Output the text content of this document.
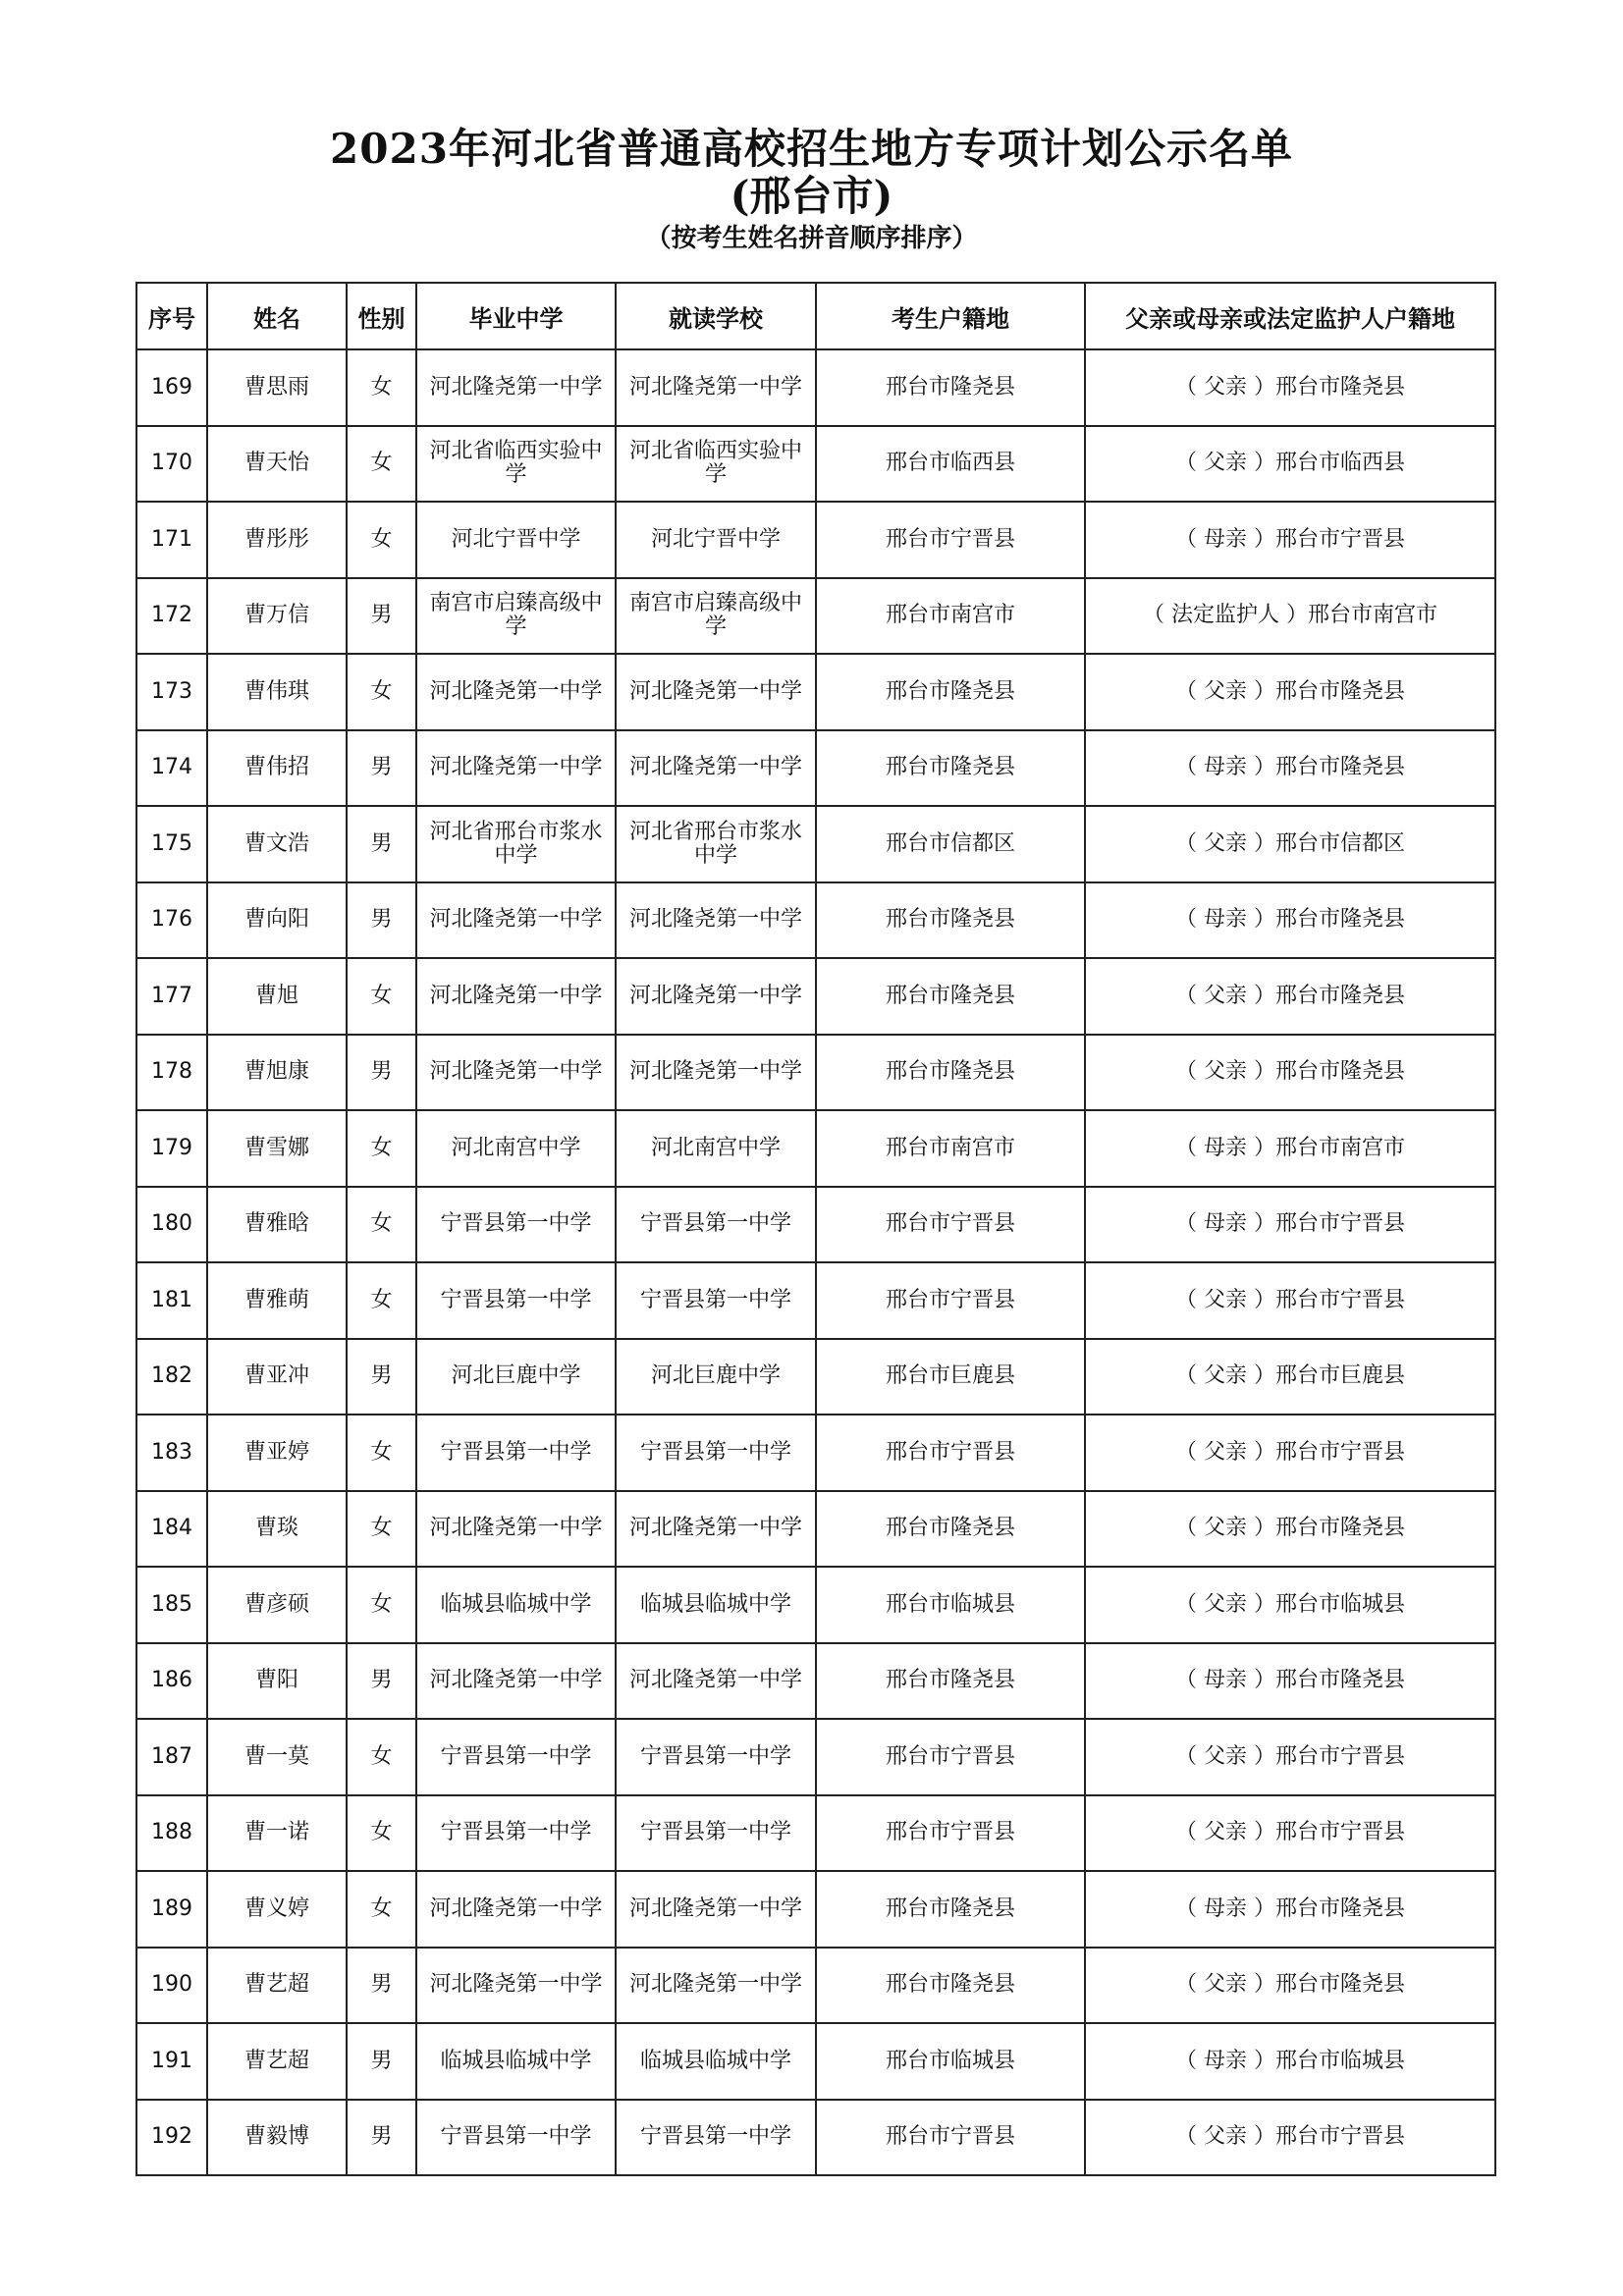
2023年河北省普通高校招生地方专项计划公示名单
(邢台市)
（按考生姓名拼音顺序排序）
序号	姓名	性别	毕业中学	就读学校	考生户籍地	父亲或母亲或法定监护人户籍地
169	曹思雨	女	河北隆尧第一中学	河北隆尧第一中学	邢台市隆尧县	（ 父亲 ）邢台市隆尧县
170	曹天怡	女	河北省临西实验中学	河北省临西实验中学	邢台市临西县	（ 父亲 ）邢台市临西县
171	曹彤彤	女	河北宁晋中学	河北宁晋中学	邢台市宁晋县	（ 母亲 ）邢台市宁晋县
172	曹万信	男	南宫市启臻高级中学	南宫市启臻高级中学	邢台市南宫市	（ 法定监护人 ）邢台市南宫市
173	曹伟琪	女	河北隆尧第一中学	河北隆尧第一中学	邢台市隆尧县	（ 父亲 ）邢台市隆尧县
174	曹伟招	男	河北隆尧第一中学	河北隆尧第一中学	邢台市隆尧县	（ 母亲 ）邢台市隆尧县
175	曹文浩	男	河北省邢台市浆水中学	河北省邢台市浆水中学	邢台市信都区	（ 父亲 ）邢台市信都区
176	曹向阳	男	河北隆尧第一中学	河北隆尧第一中学	邢台市隆尧县	（ 母亲 ）邢台市隆尧县
177	曹旭	女	河北隆尧第一中学	河北隆尧第一中学	邢台市隆尧县	（ 父亲 ）邢台市隆尧县
178	曹旭康	男	河北隆尧第一中学	河北隆尧第一中学	邢台市隆尧县	（ 父亲 ）邢台市隆尧县
179	曹雪娜	女	河北南宫中学	河北南宫中学	邢台市南宫市	（ 母亲 ）邢台市南宫市
180	曹雅晗	女	宁晋县第一中学	宁晋县第一中学	邢台市宁晋县	（ 母亲 ）邢台市宁晋县
181	曹雅萌	女	宁晋县第一中学	宁晋县第一中学	邢台市宁晋县	（ 父亲 ）邢台市宁晋县
182	曹亚冲	男	河北巨鹿中学	河北巨鹿中学	邢台市巨鹿县	（ 父亲 ）邢台市巨鹿县
183	曹亚婷	女	宁晋县第一中学	宁晋县第一中学	邢台市宁晋县	（ 父亲 ）邢台市宁晋县
184	曹琰	女	河北隆尧第一中学	河北隆尧第一中学	邢台市隆尧县	（ 父亲 ）邢台市隆尧县
185	曹彦硕	女	临城县临城中学	临城县临城中学	邢台市临城县	（ 父亲 ）邢台市临城县
186	曹阳	男	河北隆尧第一中学	河北隆尧第一中学	邢台市隆尧县	（ 母亲 ）邢台市隆尧县
187	曹一莫	女	宁晋县第一中学	宁晋县第一中学	邢台市宁晋县	（ 父亲 ）邢台市宁晋县
188	曹一诺	女	宁晋县第一中学	宁晋县第一中学	邢台市宁晋县	（ 父亲 ）邢台市宁晋县
189	曹义婷	女	河北隆尧第一中学	河北隆尧第一中学	邢台市隆尧县	（ 母亲 ）邢台市隆尧县
190	曹艺超	男	河北隆尧第一中学	河北隆尧第一中学	邢台市隆尧县	（ 父亲 ）邢台市隆尧县
191	曹艺超	男	临城县临城中学	临城县临城中学	邢台市临城县	（ 母亲 ）邢台市临城县
192	曹毅博	男	宁晋县第一中学	宁晋县第一中学	邢台市宁晋县	（ 父亲 ）邢台市宁晋县
